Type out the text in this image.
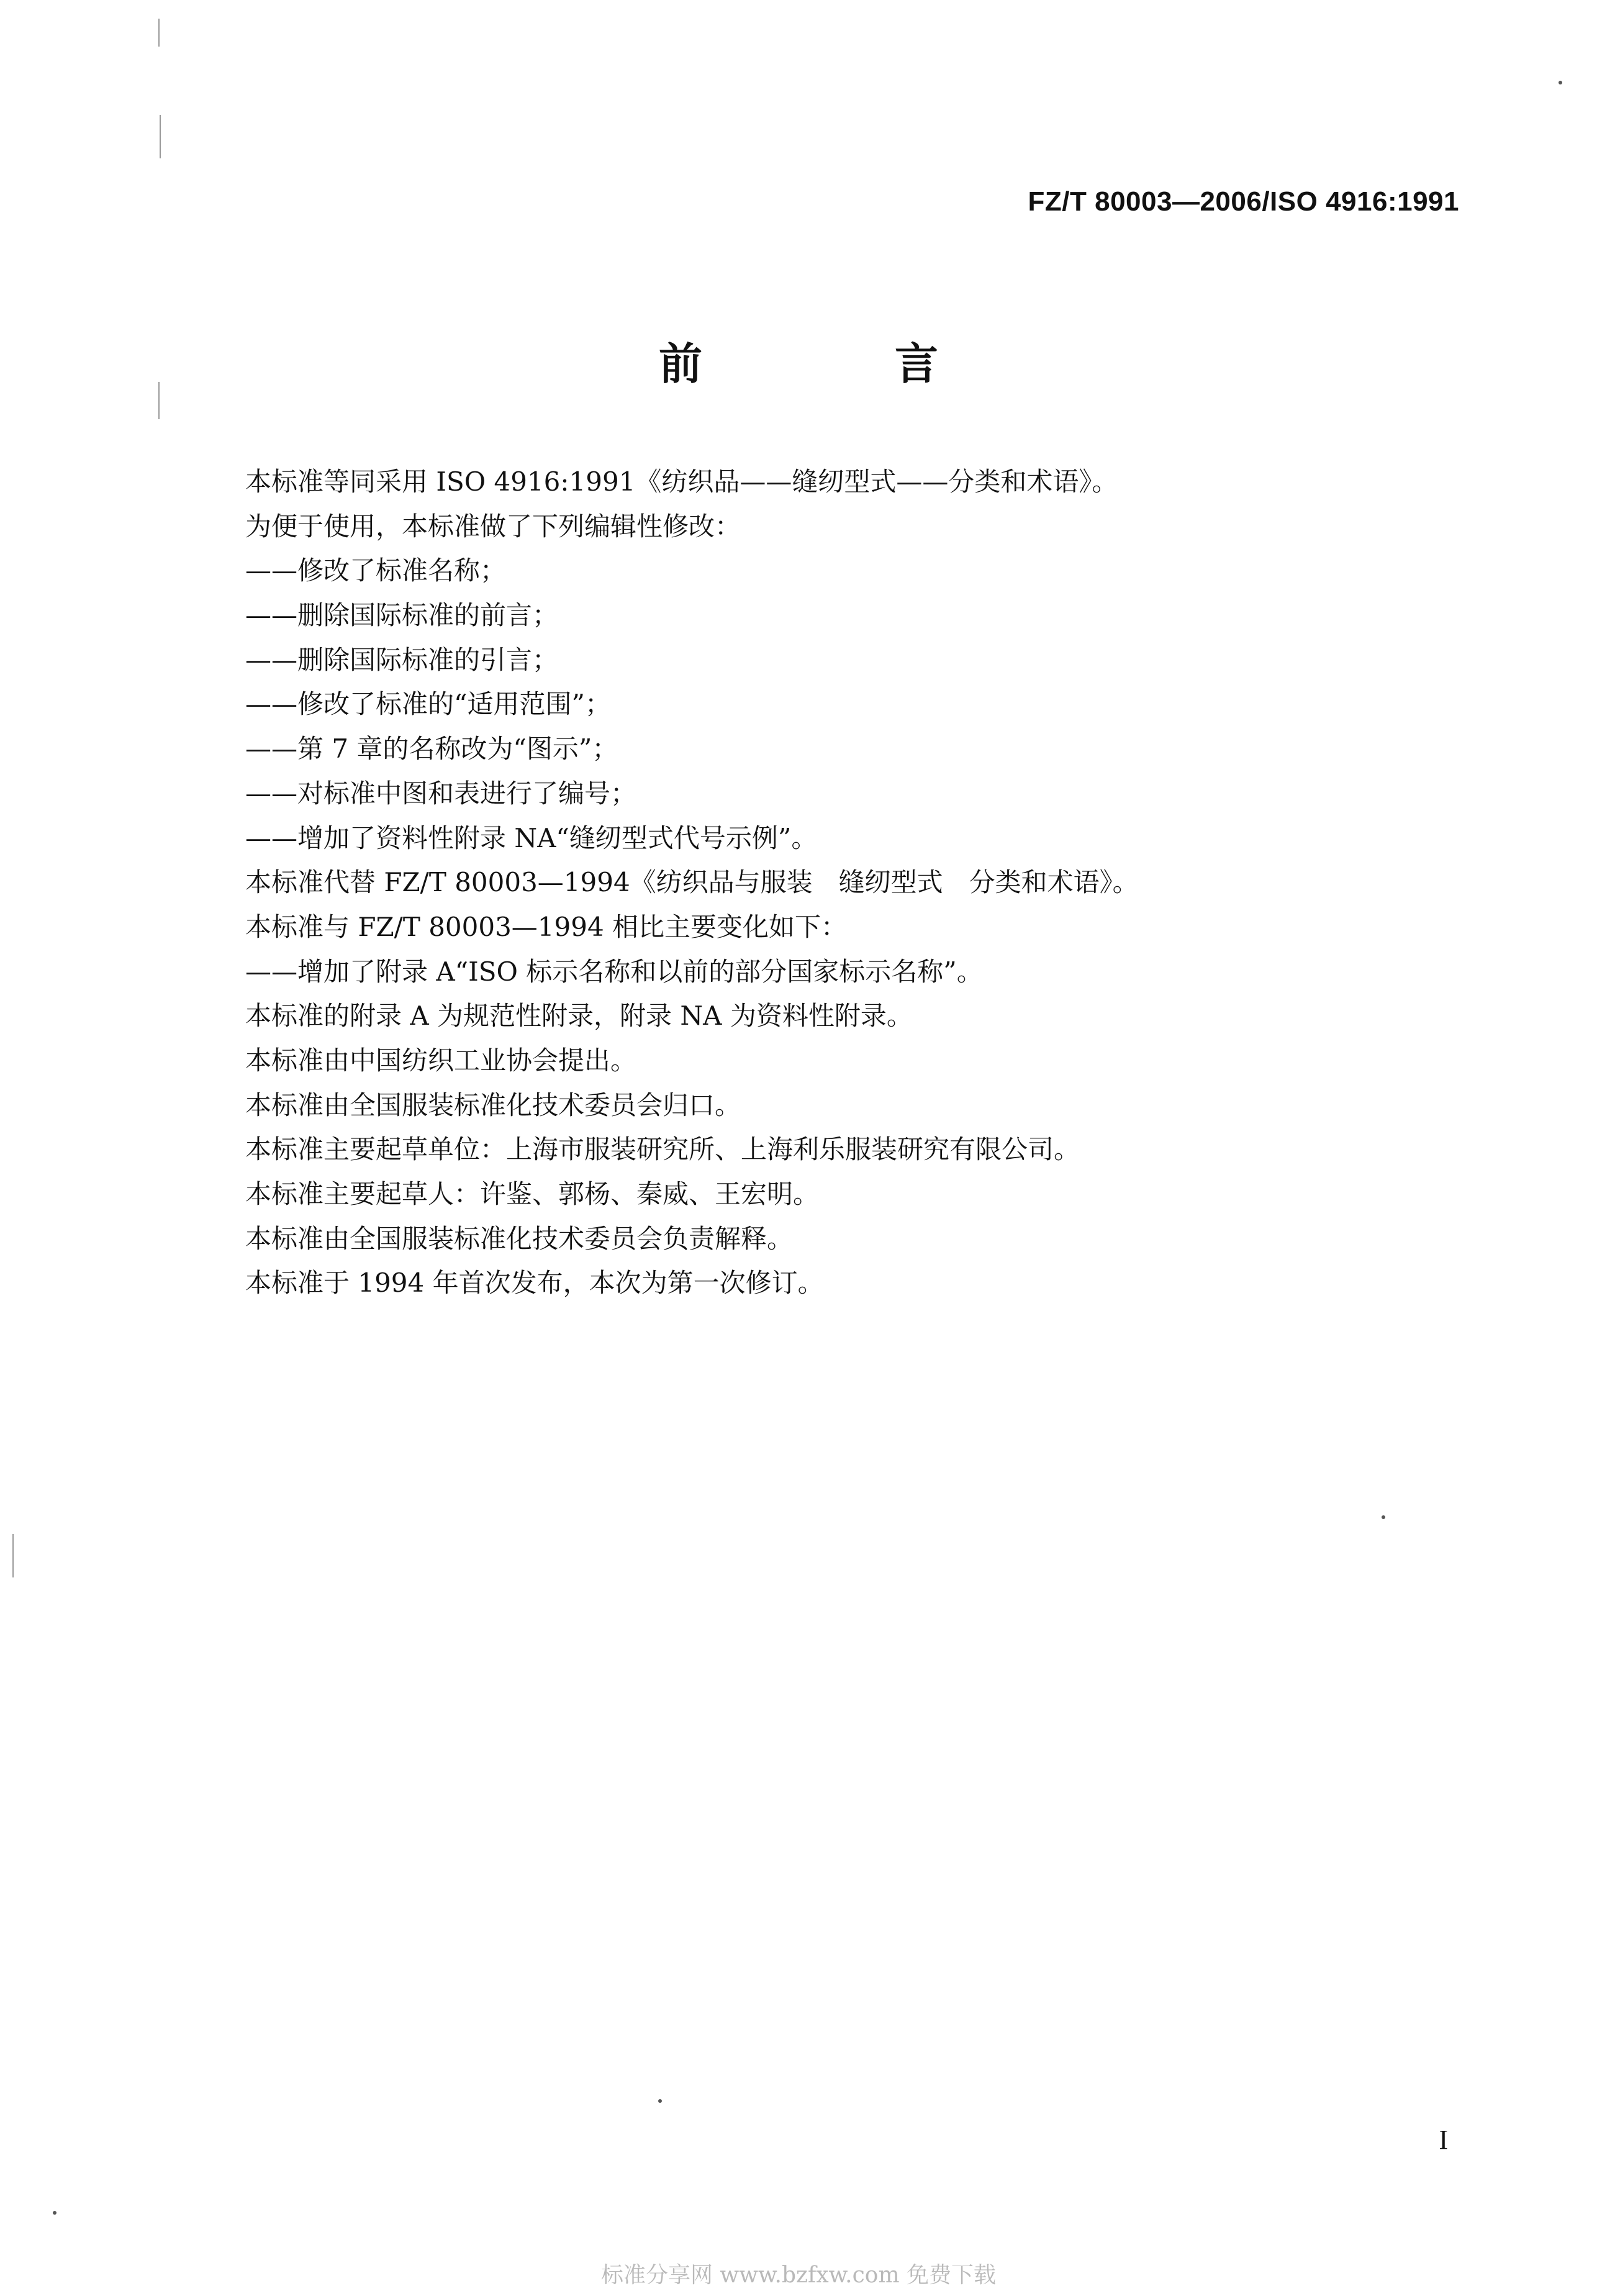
FZ/T 80003—2006/ISO 4916:1991
前　言
本标准等同采用 ISO 4916:1991《纺织品——缝纫型式——分类和术语》。
为便于使用，本标准做了下列编辑性修改：
——修改了标准名称；
——删除国际标准的前言；
——删除国际标准的引言；
——修改了标准的“适用范围”；
——第 7 章的名称改为“图示”；
——对标准中图和表进行了编号；
——增加了资料性附录 NA“缝纫型式代号示例”。
本标准代替 FZ/T 80003—1994《纺织品与服装　缝纫型式　分类和术语》。
本标准与 FZ/T 80003—1994 相比主要变化如下：
——增加了附录 A“ISO 标示名称和以前的部分国家标示名称”。
本标准的附录 A 为规范性附录，附录 NA 为资料性附录。
本标准由中国纺织工业协会提出。
本标准由全国服装标准化技术委员会归口。
本标准主要起草单位：上海市服装研究所、上海利乐服装研究有限公司。
本标准主要起草人：许鉴、郭杨、秦威、王宏明。
本标准由全国服装标准化技术委员会负责解释。
本标准于 1994 年首次发布，本次为第一次修订。
I
标准分享网 www.bzfxw.com 免费下载
